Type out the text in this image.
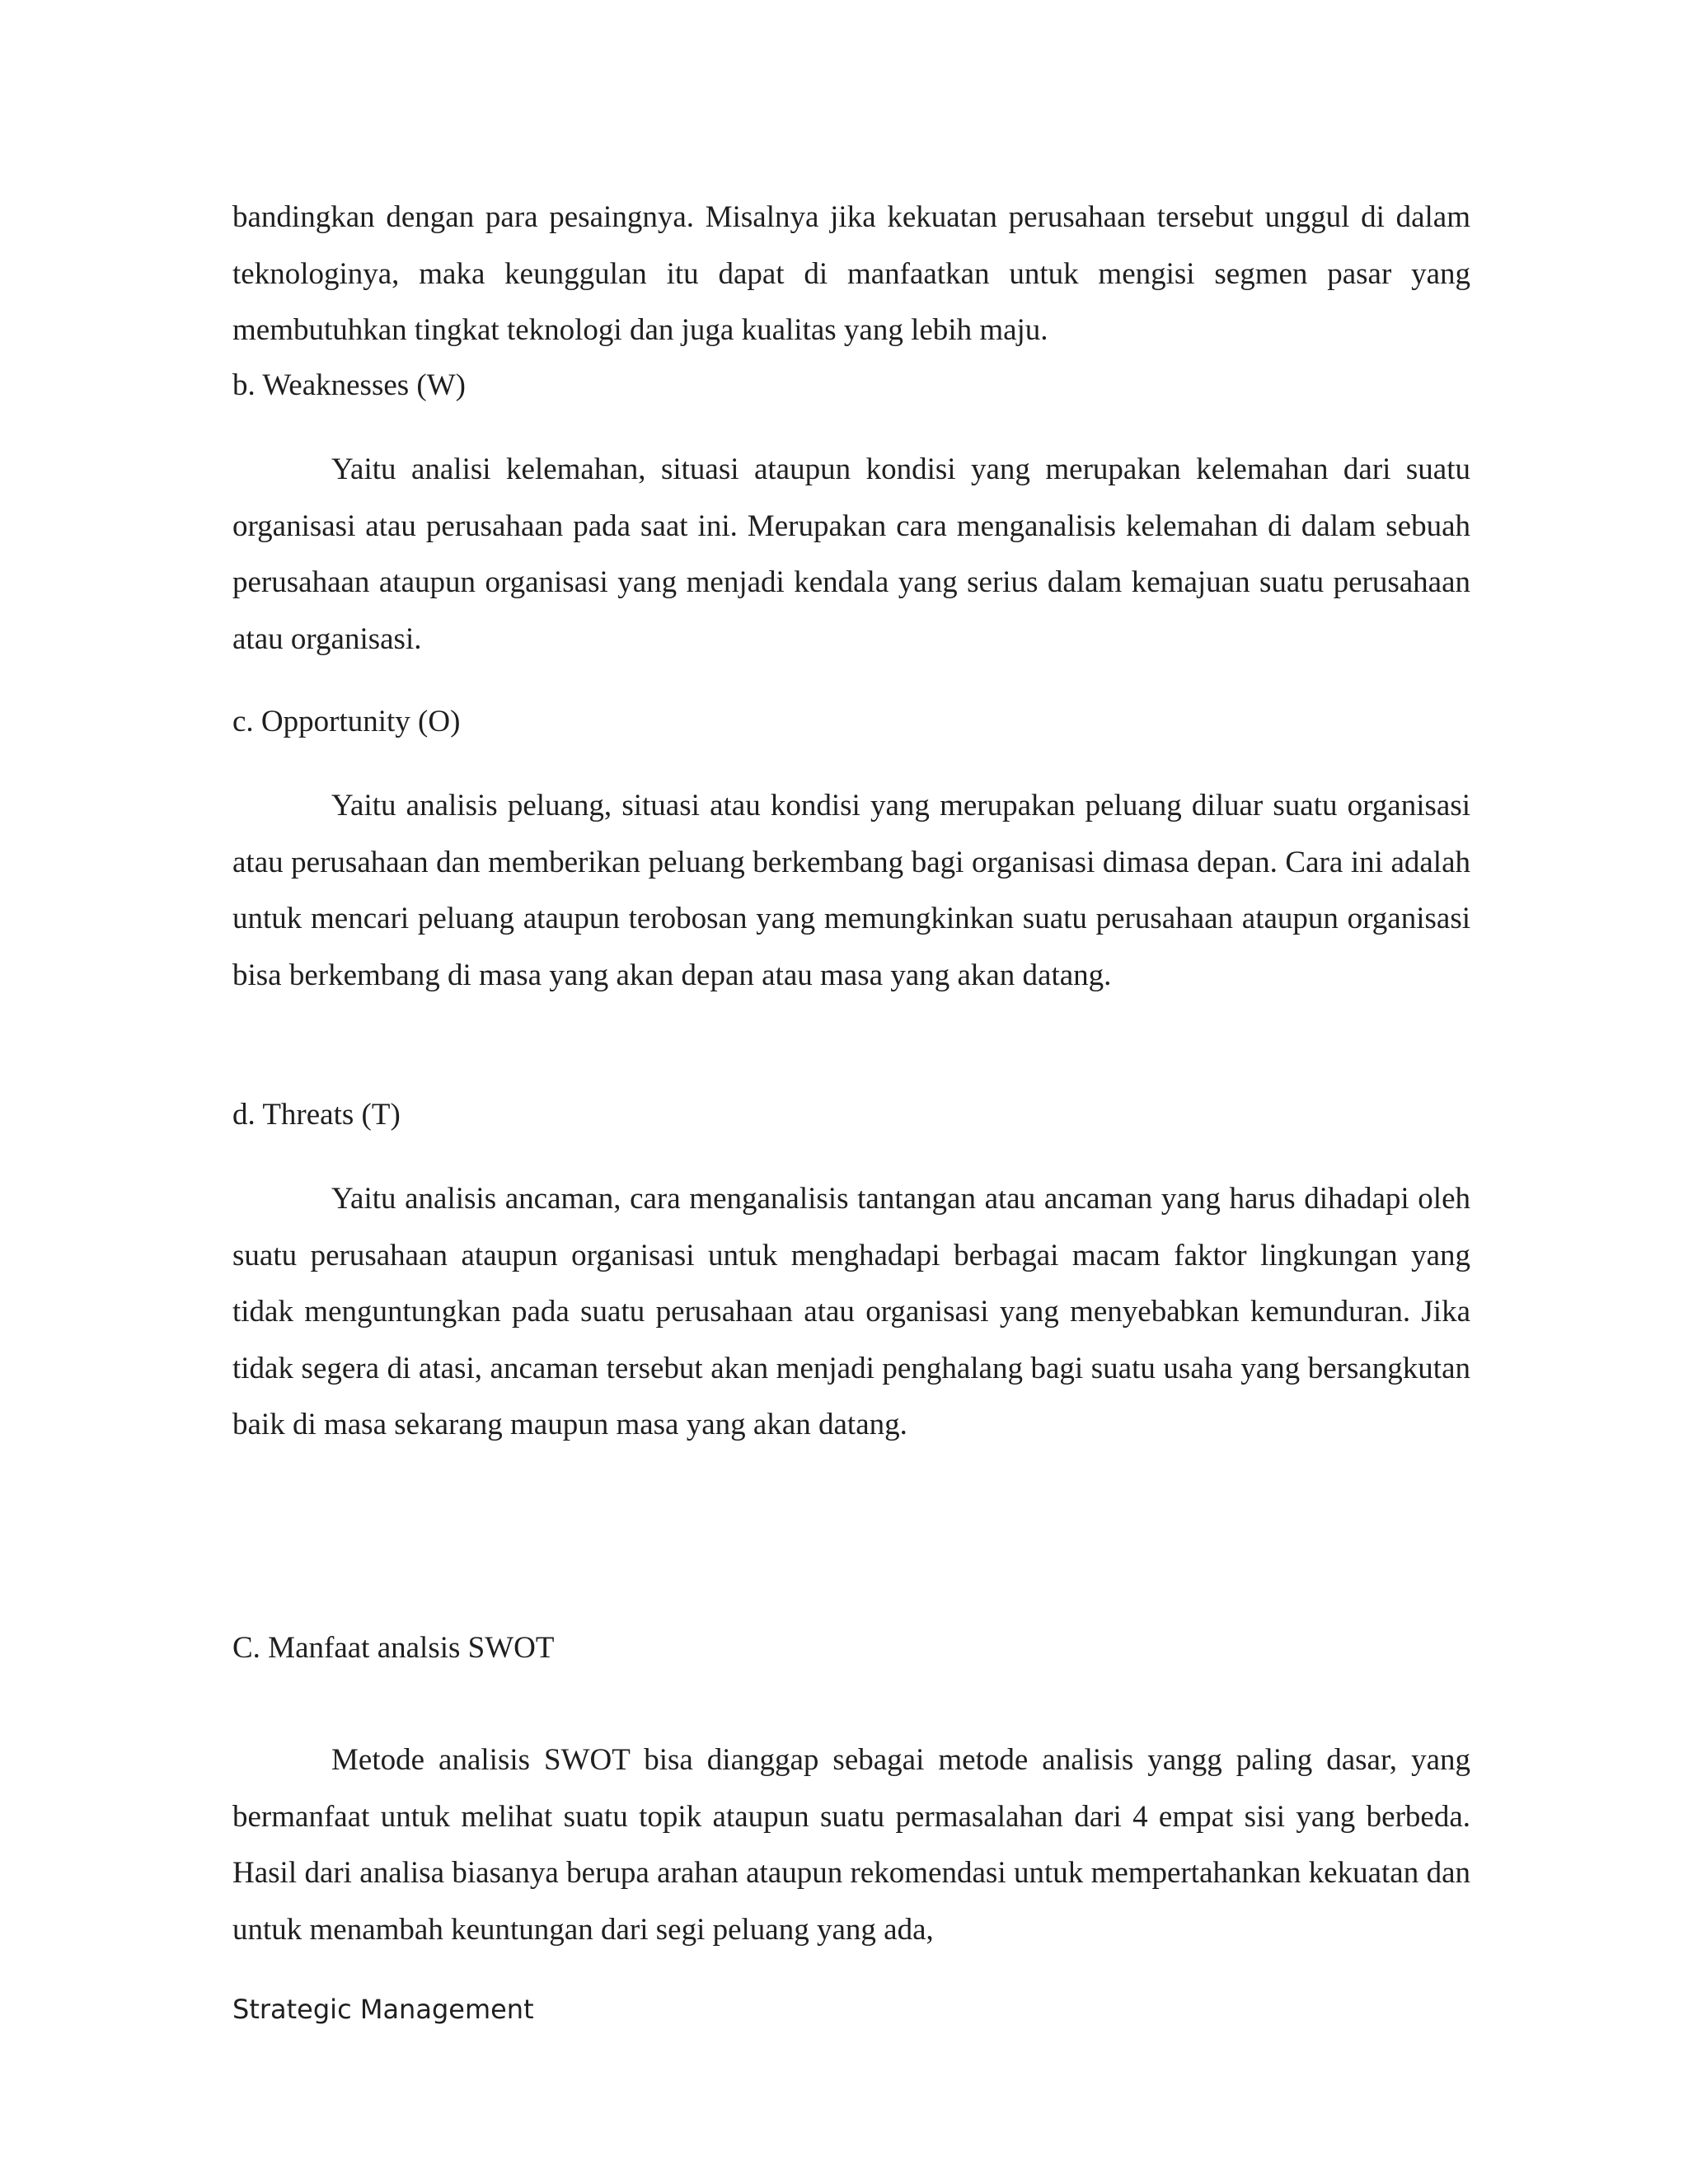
bandingkan dengan para pesaingnya. Misalnya jika kekuatan perusahaan tersebut unggul di dalam teknologinya, maka keunggulan itu dapat di manfaatkan untuk mengisi segmen pasar yang membutuhkan tingkat teknologi dan juga kualitas yang lebih maju.

b. Weaknesses (W)

Yaitu analisi kelemahan, situasi ataupun kondisi yang merupakan kelemahan dari suatu organisasi atau perusahaan pada saat ini. Merupakan cara menganalisis kelemahan di dalam sebuah perusahaan ataupun organisasi yang menjadi kendala yang serius dalam kemajuan suatu perusahaan atau organisasi.

c. Opportunity (O)

Yaitu analisis peluang, situasi atau kondisi yang merupakan peluang diluar suatu organisasi atau perusahaan dan memberikan peluang berkembang bagi organisasi dimasa depan. Cara ini adalah untuk mencari peluang ataupun terobosan yang memungkinkan suatu perusahaan ataupun organisasi bisa berkembang di masa yang akan depan atau masa yang akan datang.

d. Threats (T)

Yaitu analisis ancaman, cara menganalisis tantangan atau ancaman yang harus dihadapi oleh suatu perusahaan ataupun organisasi untuk menghadapi berbagai macam faktor lingkungan yang tidak menguntungkan pada suatu perusahaan atau organisasi yang menyebabkan kemunduran. Jika tidak segera di atasi, ancaman tersebut akan menjadi penghalang bagi suatu usaha yang bersangkutan baik di masa sekarang maupun masa yang akan datang.

C. Manfaat analsis SWOT

Metode analisis SWOT bisa dianggap sebagai metode analisis yangg paling dasar, yang bermanfaat untuk melihat suatu topik ataupun suatu permasalahan dari 4 empat sisi yang berbeda. Hasil dari analisa biasanya berupa arahan ataupun rekomendasi untuk mempertahankan kekuatan dan untuk menambah keuntungan dari segi peluang yang ada,

Strategic Management
